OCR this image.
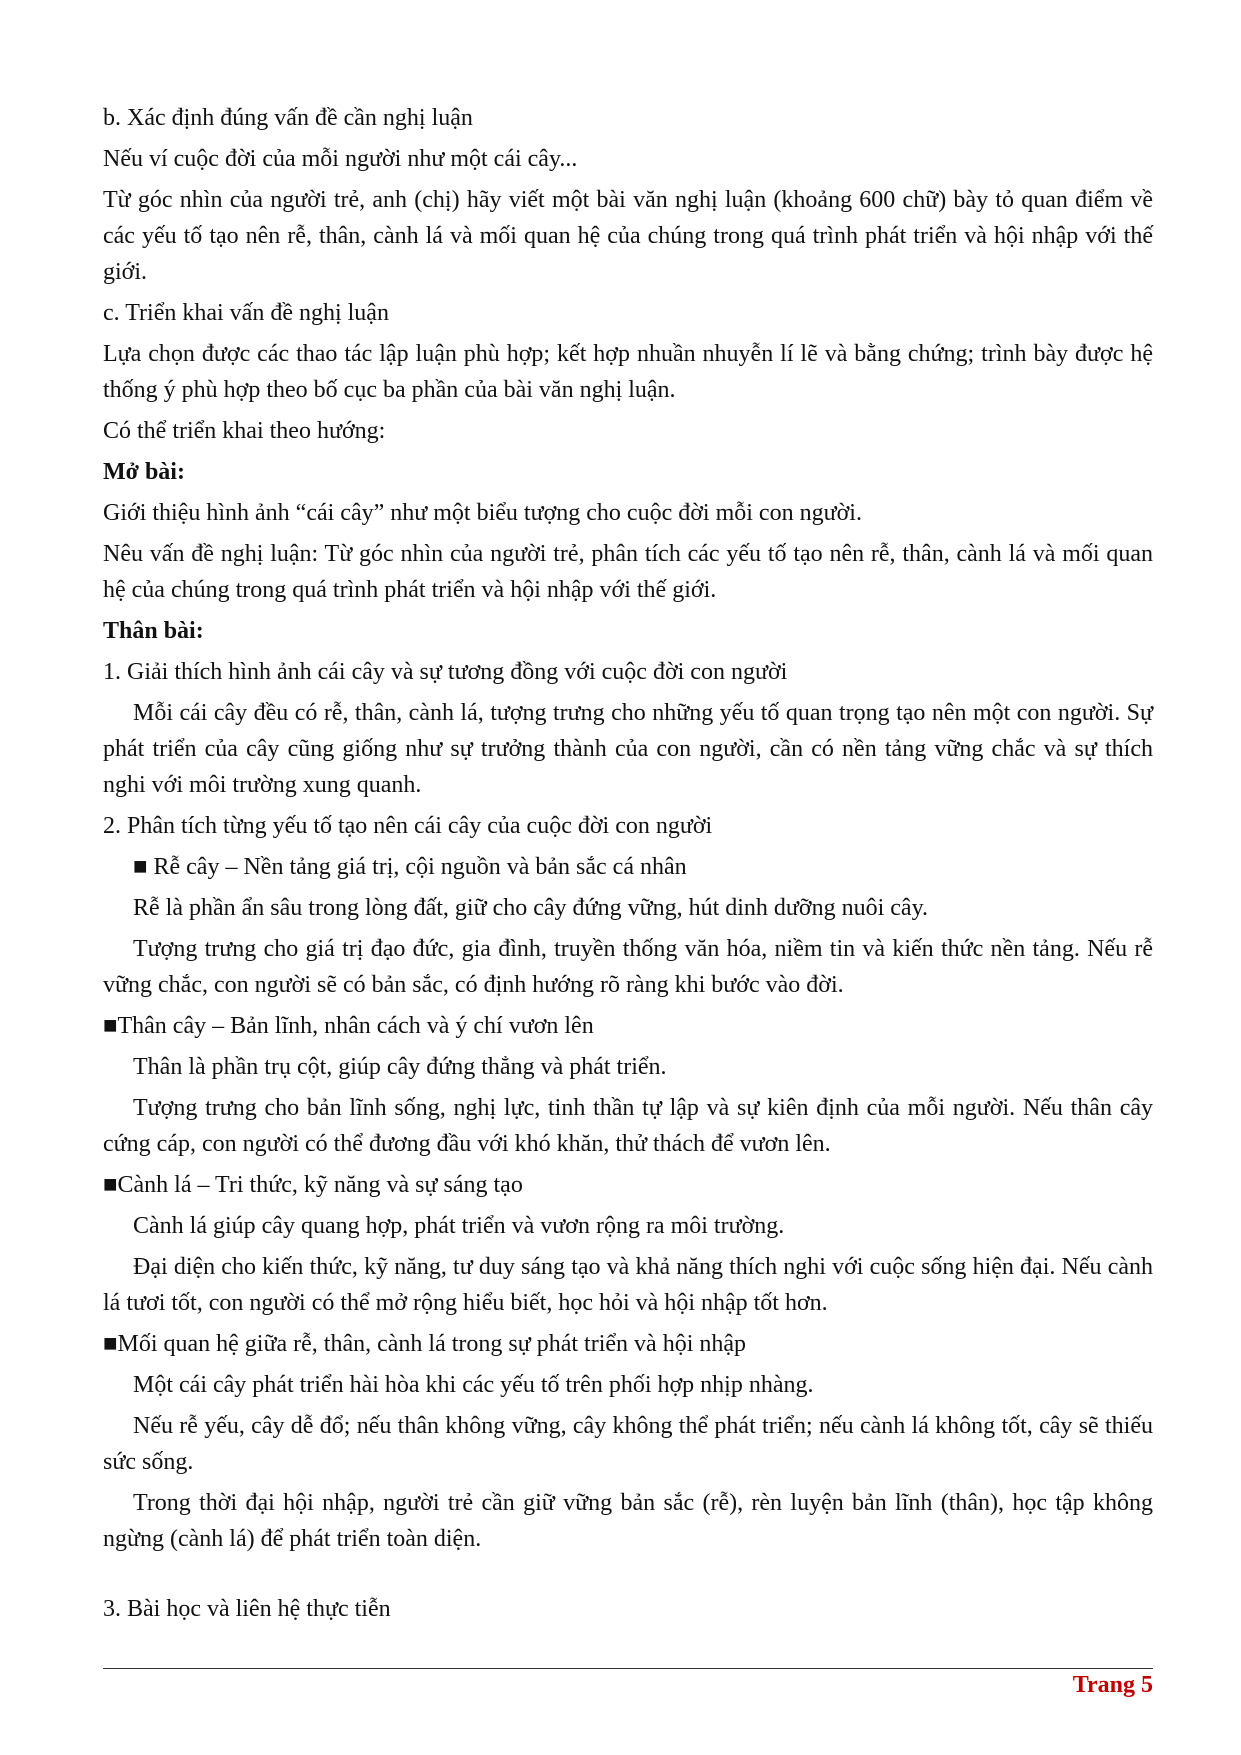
b. Xác định đúng vấn đề cần nghị luận

Nếu ví cuộc đời của mỗi người như một cái cây...

Từ góc nhìn của người trẻ, anh (chị) hãy viết một bài văn nghị luận (khoảng 600 chữ) bày tỏ quan điểm về các yếu tố tạo nên rễ, thân, cành lá và mối quan hệ của chúng trong quá trình phát triển và hội nhập với thế giới.

c. Triển khai vấn đề nghị luận

Lựa chọn được các thao tác lập luận phù hợp; kết hợp nhuần nhuyễn lí lẽ và bằng chứng; trình bày được hệ thống ý phù hợp theo bố cục ba phần của bài văn nghị luận.

Có thể triển khai theo hướng:

Mở bài:

Giới thiệu hình ảnh “cái cây” như một biểu tượng cho cuộc đời mỗi con người.

Nêu vấn đề nghị luận: Từ góc nhìn của người trẻ, phân tích các yếu tố tạo nên rễ, thân, cành lá và mối quan hệ của chúng trong quá trình phát triển và hội nhập với thế giới.

Thân bài:

1. Giải thích hình ảnh cái cây và sự tương đồng với cuộc đời con người

Mỗi cái cây đều có rễ, thân, cành lá, tượng trưng cho những yếu tố quan trọng tạo nên một con người. Sự phát triển của cây cũng giống như sự trưởng thành của con người, cần có nền tảng vững chắc và sự thích nghi với môi trường xung quanh.

2. Phân tích từng yếu tố tạo nên cái cây của cuộc đời con người

■ Rễ cây – Nền tảng giá trị, cội nguồn và bản sắc cá nhân

Rễ là phần ẩn sâu trong lòng đất, giữ cho cây đứng vững, hút dinh dưỡng nuôi cây.

Tượng trưng cho giá trị đạo đức, gia đình, truyền thống văn hóa, niềm tin và kiến thức nền tảng. Nếu rễ vững chắc, con người sẽ có bản sắc, có định hướng rõ ràng khi bước vào đời.

■Thân cây – Bản lĩnh, nhân cách và ý chí vươn lên

Thân là phần trụ cột, giúp cây đứng thẳng và phát triển.

Tượng trưng cho bản lĩnh sống, nghị lực, tinh thần tự lập và sự kiên định của mỗi người. Nếu thân cây cứng cáp, con người có thể đương đầu với khó khăn, thử thách để vươn lên.

■Cành lá – Tri thức, kỹ năng và sự sáng tạo

Cành lá giúp cây quang hợp, phát triển và vươn rộng ra môi trường.

Đại diện cho kiến thức, kỹ năng, tư duy sáng tạo và khả năng thích nghi với cuộc sống hiện đại. Nếu cành lá tươi tốt, con người có thể mở rộng hiểu biết, học hỏi và hội nhập tốt hơn.

■Mối quan hệ giữa rễ, thân, cành lá trong sự phát triển và hội nhập

Một cái cây phát triển hài hòa khi các yếu tố trên phối hợp nhịp nhàng.

Nếu rễ yếu, cây dễ đổ; nếu thân không vững, cây không thể phát triển; nếu cành lá không tốt, cây sẽ thiếu sức sống.

Trong thời đại hội nhập, người trẻ cần giữ vững bản sắc (rễ), rèn luyện bản lĩnh (thân), học tập không ngừng (cành lá) để phát triển toàn diện.

3. Bài học và liên hệ thực tiễn

Trang 5
